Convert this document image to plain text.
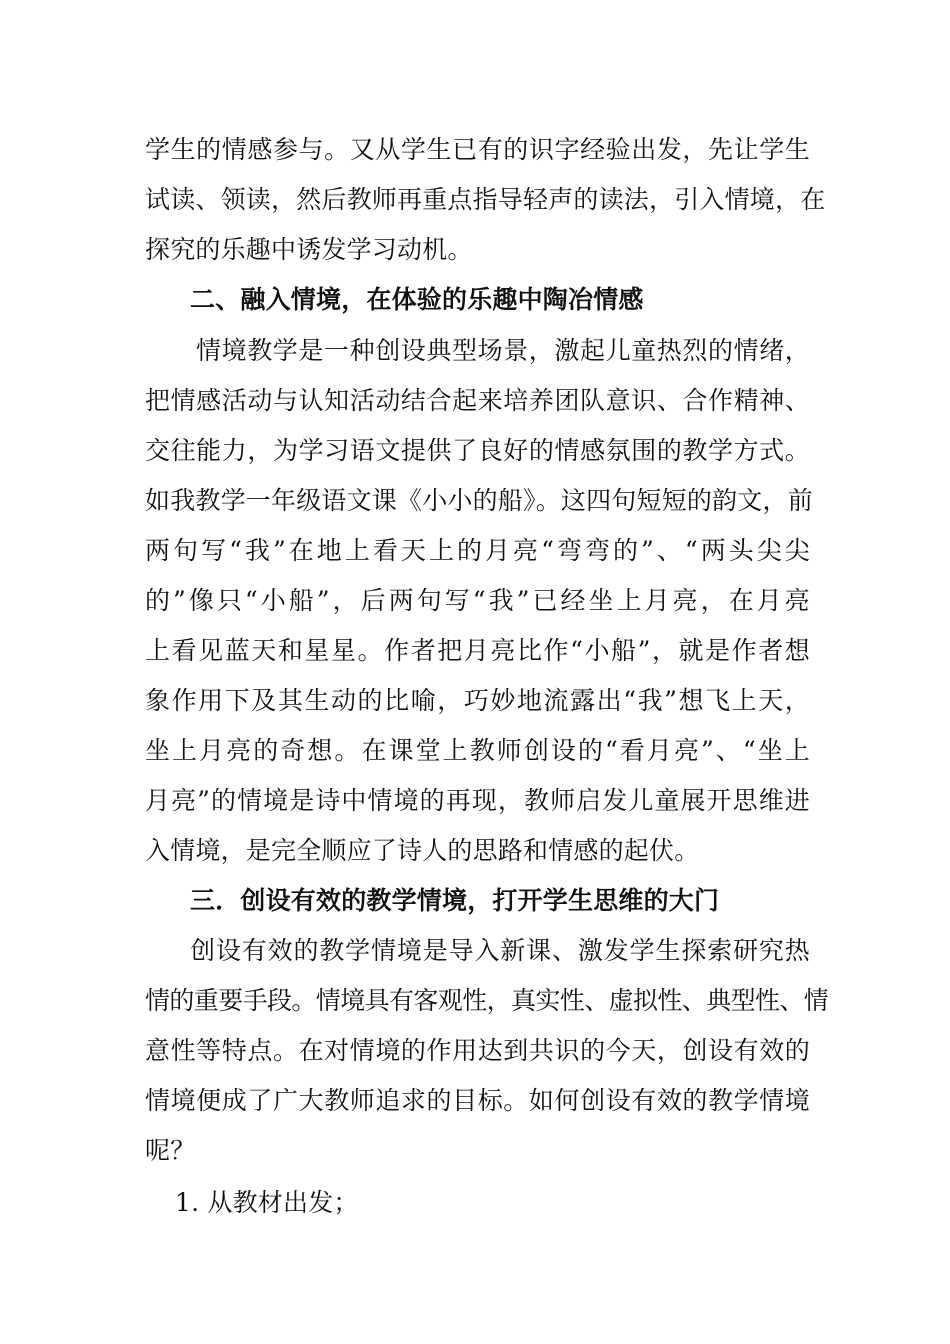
学生的情感参与。又从学生已有的识字经验出发，先让学生
试读、领读，然后教师再重点指导轻声的读法，引入情境，在
探究的乐趣中诱发学习动机。
二、融入情境，在体验的乐趣中陶冶情感
情境教学是一种创设典型场景，激起儿童热烈的情绪，
把情感活动与认知活动结合起来培养团队意识、合作精神、
交往能力，为学习语文提供了良好的情感氛围的教学方式。
如我教学一年级语文课《小小的船》。这四句短短的韵文，前
两句写“我”在地上看天上的月亮“弯弯的”、“两头尖尖
的”像只“小船”，后两句写“我”已经坐上月亮，在月亮
上看见蓝天和星星。作者把月亮比作“小船”，就是作者想
象作用下及其生动的比喻，巧妙地流露出“我”想飞上天，
坐上月亮的奇想。在课堂上教师创设的“看月亮”、“坐上
月亮”的情境是诗中情境的再现，教师启发儿童展开思维进
入情境，是完全顺应了诗人的思路和情感的起伏。
三．创设有效的教学情境，打开学生思维的大门
创设有效的教学情境是导入新课、激发学生探索研究热
情的重要手段。情境具有客观性，真实性、虚拟性、典型性、情
意性等特点。在对情境的作用达到共识的今天，创设有效的
情境便成了广大教师追求的目标。如何创设有效的教学情境
呢？
1. 从教材出发；
